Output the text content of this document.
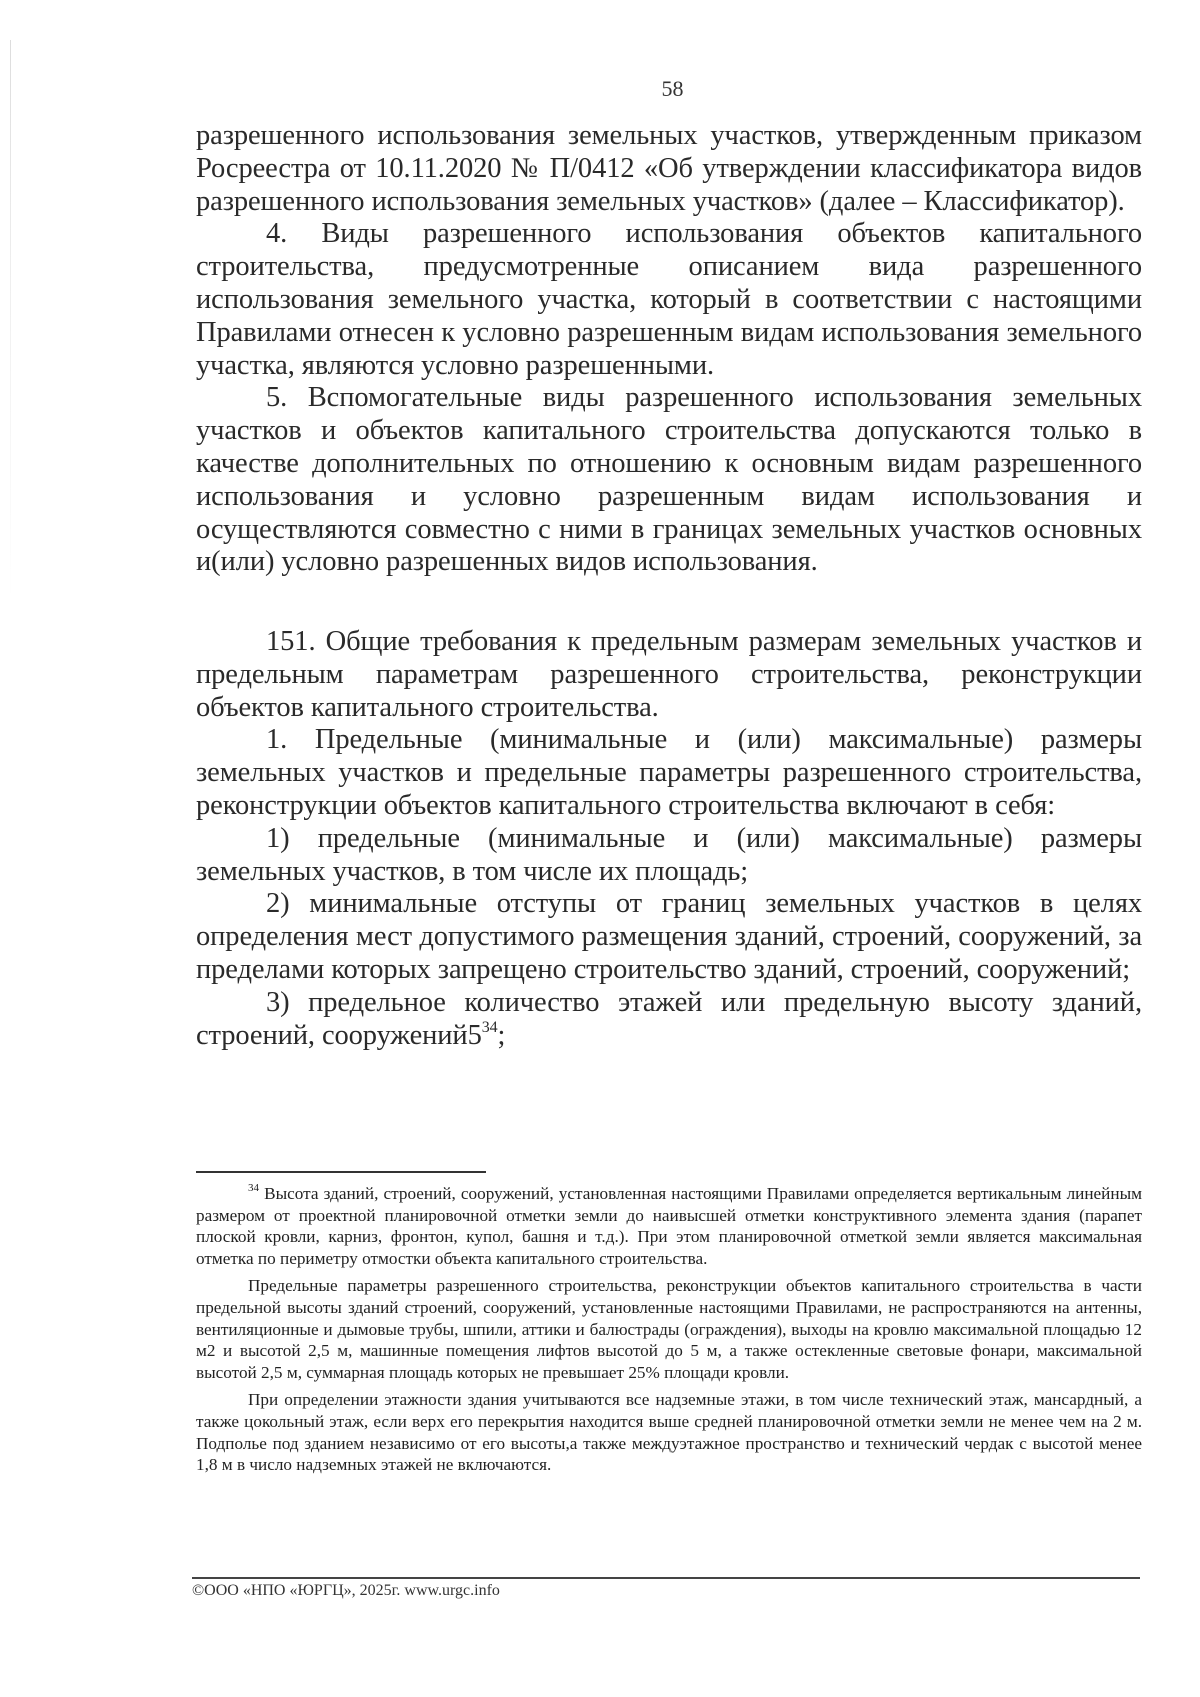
58

разрешенного использования земельных участков, утвержденным приказом Росреестра от 10.11.2020 № П/0412 «Об утверждении классификатора видов разрешенного использования земельных участков» (далее – Классификатор).

4. Виды разрешенного использования объектов капитального строительства, предусмотренные описанием вида разрешенного использования земельного участка, который в соответствии с настоящими Правилами отнесен к условно разрешенным видам использования земельного участка, являются условно разрешенными.

5. Вспомогательные виды разрешенного использования земельных участков и объектов капитального строительства допускаются только в качестве дополнительных по отношению к основным видам разрешенного использования и условно разрешенным видам использования и осуществляются совместно с ними в границах земельных участков основных и(или) условно разрешенных видов использования.

151. Общие требования к предельным размерам земельных участков и предельным параметрам разрешенного строительства, реконструкции объектов капитального строительства.

1. Предельные (минимальные и (или) максимальные) размеры земельных участков и предельные параметры разрешенного строительства, реконструкции объектов капитального строительства включают в себя:

1) предельные (минимальные и (или) максимальные) размеры земельных участков, в том числе их площадь;

2) минимальные отступы от границ земельных участков в целях определения мест допустимого размещения зданий, строений, сооружений, за пределами которых запрещено строительство зданий, строений, сооружений;

3) предельное количество этажей или предельную высоту зданий, строений, сооружений5$^{34}$;

$^{34}$ Высота зданий, строений, сооружений, установленная настоящими Правилами определяется вертикальным линейным размером от проектной планировочной отметки земли до наивысшей отметки конструктивного элемента здания (парапет плоской кровли, карниз, фронтон, купол, башня и т.д.). При этом планировочной отметкой земли является максимальная отметка по периметру отмостки объекта капитального строительства.

Предельные параметры разрешенного строительства, реконструкции объектов капитального строительства в части предельной высоты зданий строений, сооружений, установленные настоящими Правилами, не распространяются на антенны, вентиляционные и дымовые трубы, шпили, аттики и балюстрады (ограждения), выходы на кровлю максимальной площадью 12 м2 и высотой 2,5 м, машинные помещения лифтов высотой до 5 м, а также остекленные световые фонари, максимальной высотой 2,5 м, суммарная площадь которых не превышает 25% площади кровли.

При определении этажности здания учитываются все надземные этажи, в том числе технический этаж, мансардный, а также цокольный этаж, если верх его перекрытия находится выше средней планировочной отметки земли не менее чем на 2 м. Подполье под зданием независимо от его высоты,а также междуэтажное пространство и технический чердак с высотой менее 1,8 м в число надземных этажей не включаются.

©ООО «НПО «ЮРГЦ», 2025г. www.urgc.info
